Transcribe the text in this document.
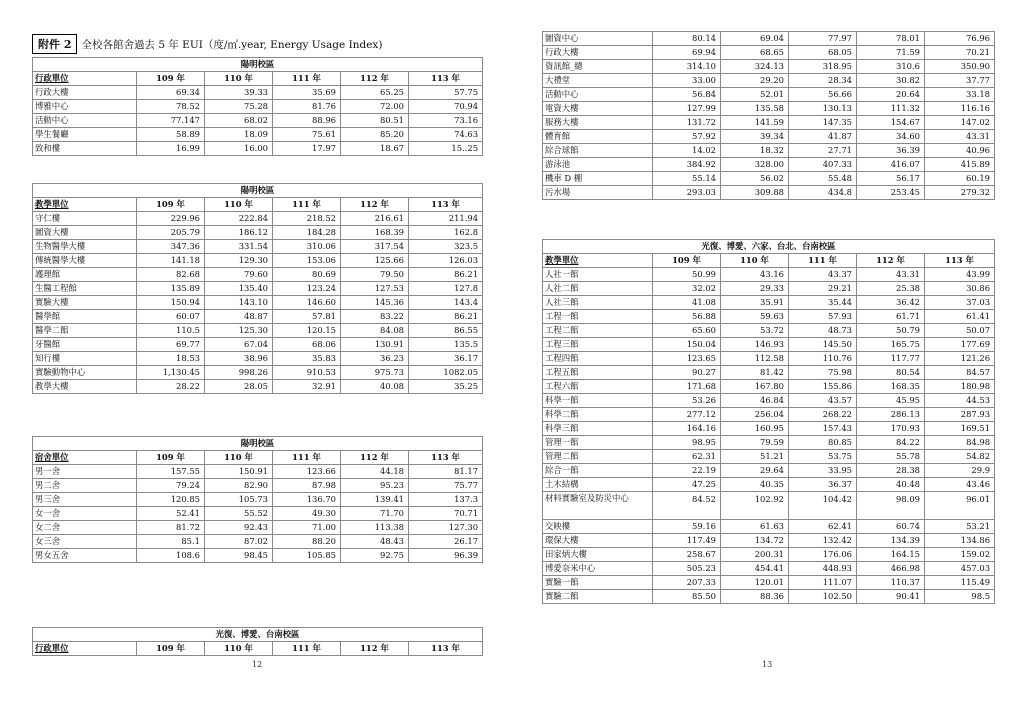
附件 2 全校各館舍過去 5 年 EUI（度/㎡.year, Energy Usage Index)
陽明校區					
行政單位	109 年	110 年	111 年	112 年	113 年
行政大樓	69.34	39.33	35.69	65.25	57.75
博雅中心	78.52	75.28	81.76	72.00	70.94
活動中心	77.147	68.02	88.96	80.51	73.16
學生餐廳	58.89	18.09	75.61	85.20	74.63
致和樓	16.99	16.00	17.97	18.67	15..25
陽明校區					
教學單位	109 年	110 年	111 年	112 年	113 年
守仁樓	229.96	222.84	218.52	216.61	211.94
圖資大樓	205.79	186.12	184.28	168.39	162.8
生物醫學大樓	347.36	331.54	310.06	317.54	323.5
傳統醫學大樓	141.18	129.30	153.06	125.66	126.03
護理館	82.68	79.60	80.69	79.50	86.21
生醫工程館	135.89	135.40	123.24	127.53	127.8
實驗大樓	150.94	143.10	146.60	145.36	143.4
醫學館	60.07	48.87	57.81	83.22	86.21
醫學二館	110.5	125.30	120.15	84.08	86.55
牙醫館	69.77	67.04	68.06	130.91	135.5
知行樓	18.53	38.96	35.83	36.23	36.17
實驗動物中心	1,130.45	998.26	910.53	975.73	1082.05
教學大樓	28.22	28.05	32.91	40.08	35.25
陽明校區					
宿舍單位	109 年	110 年	111 年	112 年	113 年
男一舍	157.55	150.91	123.66	44.18	81.17
男二舍	79.24	82.90	87.98	95.23	75.77
男三舍	120.85	105.73	136.70	139.41	137.3
女一舍	52.41	55.52	49.30	71.70	70.71
女二舍	81.72	92.43	71.00	113.38	127.30
女三舍	85.1	87.02	88.20	48.43	26.17
男女五舍	108.6	98.45	105.85	92.75	96.39
光復、博愛、台南校區
行政單位	109 年	110 年	111 年	112 年	113 年
12
圖資中心	80.14	69.04	77.97	78.01	76.96
行政大樓	69.94	68.65	68.05	71.59	70.21
資訊館_總	314.10	324.13	318.95	310.6	350.90
大禮堂	33.00	29.20	28.34	30.82	37.77
活動中心	56.84	52.01	56.66	20.64	33.18
電資大樓	127.99	135.58	130.13	111.32	116.16
服務大樓	131.72	141.59	147.35	154.67	147.02
體育館	57.92	39.34	41.87	34.60	43.31
綜合球館	14.02	18.32	27.71	36.39	40.96
游泳池	384.92	328.00	407.33	416.07	415.89
機車 D 棚	55.14	56.02	55.48	56.17	60.19
污水場	293.03	309.88	434.8	253.45	279.32
光復、博愛、六家、台北、台南校區					
教學單位	109 年	110 年	111 年	112 年	113 年
人社一館	50.99	43.16	43.37	43.31	43.99
人社二館	32.02	29.33	29.21	25.38	30.86
人社三館	41.08	35.91	35.44	36.42	37.03
工程一館	56.88	59.63	57.93	61.71	61.41
工程二館	65.60	53.72	48.73	50.79	50.07
工程三館	150.04	146.93	145.50	165.75	177.69
工程四館	123.65	112.58	110.76	117.77	121.26
工程五館	90.27	81.42	75.98	80.54	84.57
工程六館	171.68	167.80	155.86	168.35	180.98
科學一館	53.26	46.84	43.57	45.95	44.53
科學二館	277.12	256.04	268.22	286.13	287.93
科學三館	164.16	160.95	157.43	170.93	169.51
管理一館	98.95	79.59	80.85	84.22	84.98
管理二館	62.31	51.21	53.75	55.78	54.82
綜合一館	22.19	29.64	33.95	28.38	29.9
土木結構	47.25	40.35	36.37	40.48	43.46
材料實驗室及防災中心	84.52	102.92	104.42	98.09	96.01
交映樓	59.16	61.63	62.41	60.74	53.21
環保大樓	117.49	134.72	132.42	134.39	134.86
田家炳大樓	258.67	200.31	176.06	164.15	159.02
博愛奈米中心	505.23	454.41	448.93	466.98	457.03
實驗一館	207.33	120.01	111.07	110.37	115.49
實驗二館	85.50	88.36	102.50	90.41	98.5
13
